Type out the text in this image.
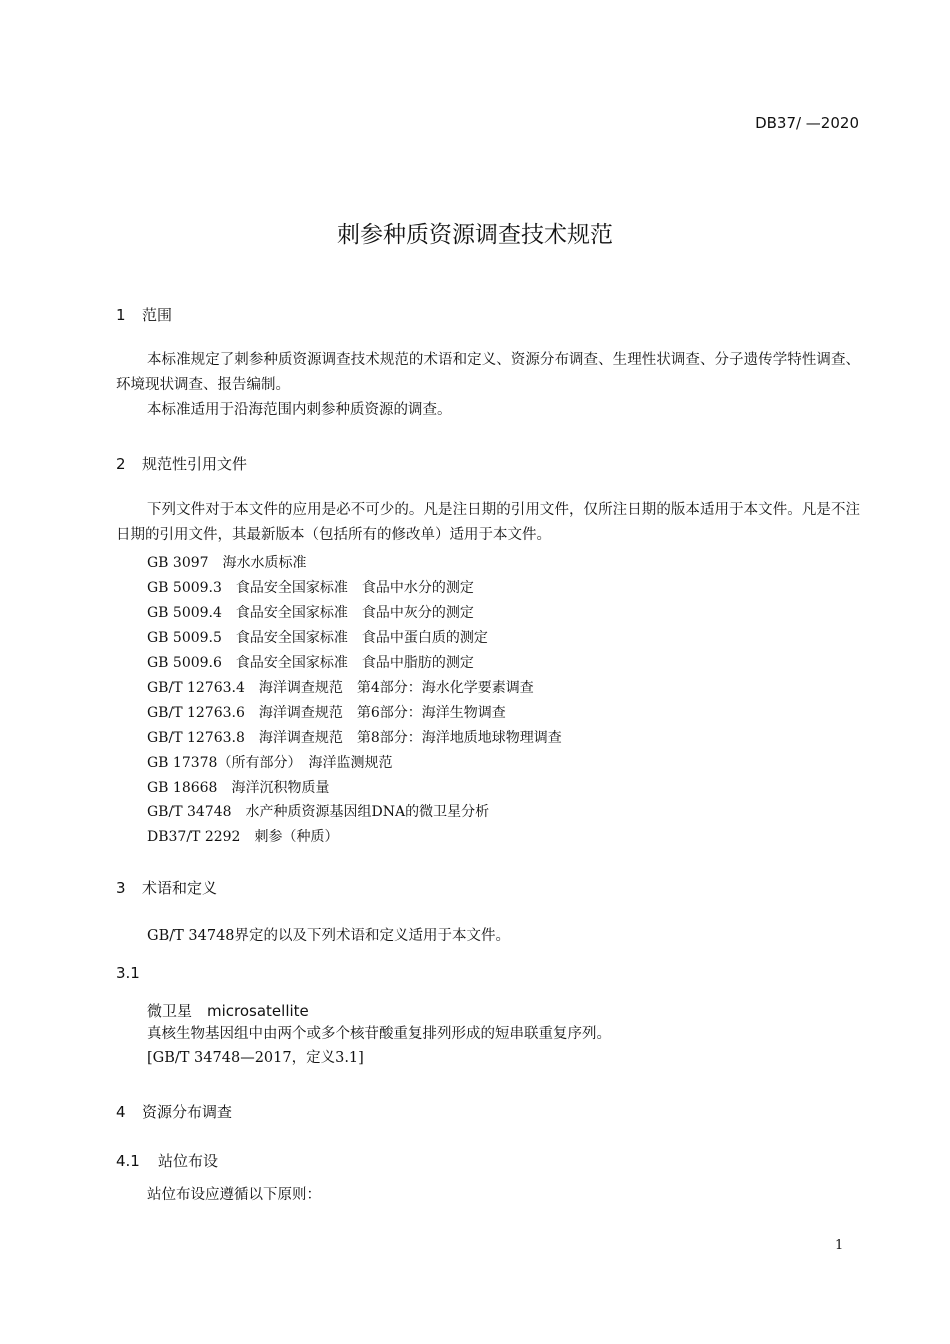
DB37/ —2020
刺参种质资源调查技术规范
1 范围
本标准规定了刺参种质资源调查技术规范的术语和定义、资源分布调查、生理性状调查、分子遗传学特性调查、环境现状调查、报告编制。
本标准适用于沿海范围内刺参种质资源的调查。
2 规范性引用文件
下列文件对于本文件的应用是必不可少的。凡是注日期的引用文件，仅所注日期的版本适用于本文件。凡是不注日期的引用文件，其最新版本（包括所有的修改单）适用于本文件。
GB 3097　海水水质标准
GB 5009.3　食品安全国家标准　食品中水分的测定
GB 5009.4　食品安全国家标准　食品中灰分的测定
GB 5009.5　食品安全国家标准　食品中蛋白质的测定
GB 5009.6　食品安全国家标准　食品中脂肪的测定
GB/T 12763.4　海洋调查规范　第4部分：海水化学要素调查
GB/T 12763.6　海洋调查规范　第6部分：海洋生物调查
GB/T 12763.8　海洋调查规范　第8部分：海洋地质地球物理调查
GB 17378（所有部分）　海洋监测规范
GB 18668　海洋沉积物质量
GB/T 34748　水产种质资源基因组DNA的微卫星分析
DB37/T 2292　刺参（种质）
3 术语和定义
GB/T 34748界定的以及下列术语和定义适用于本文件。
3.1
微卫星　microsatellite
真核生物基因组中由两个或多个核苷酸重复排列形成的短串联重复序列。
[GB/T 34748—2017，定义3.1]
4 资源分布调查
4.1 站位布设
站位布设应遵循以下原则：
1
